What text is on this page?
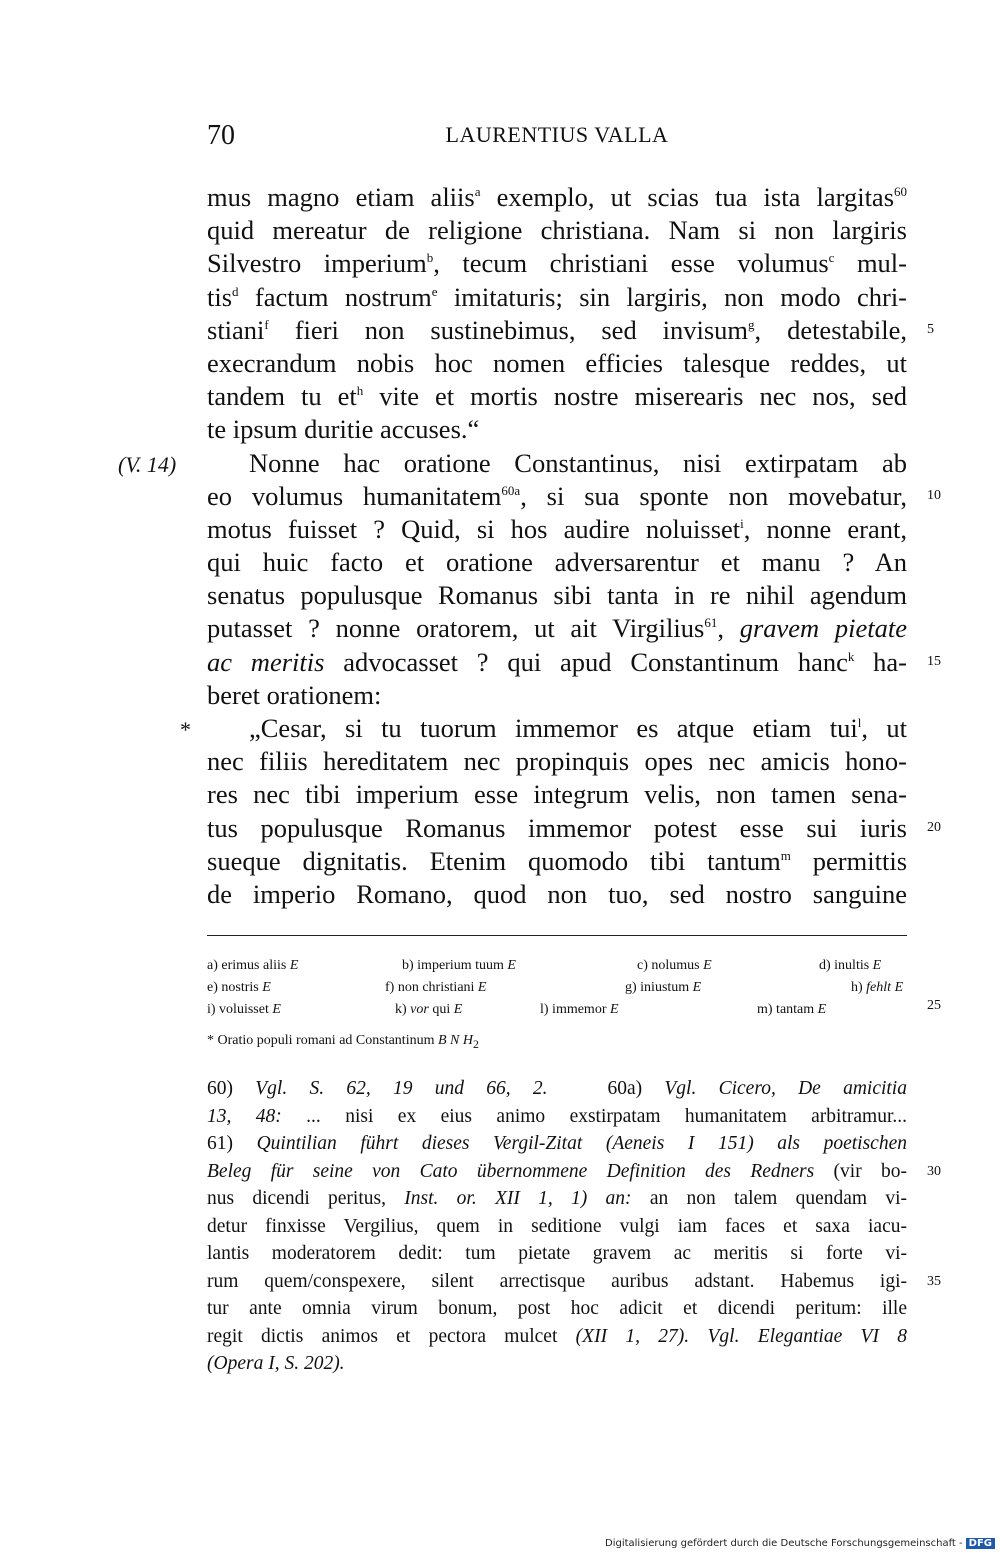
70	LAURENTIUS VALLA
(V. 14)
*
5
10
15
20
25
30
35
mus magno etiam aliis$^a$ exemplo, ut scias tua ista largitas$^{60}$
quid mereatur de religione christiana. Nam si non largiris
Silvestro imperium$^b$, tecum christiani esse volumus$^c$ mul-
tis$^d$ factum nostrum$^e$ imitaturis; sin largiris, non modo chri-
stiani$^f$ fieri non sustinebimus, sed invisum$^g$, detestabile,
execrandum nobis hoc nomen efficies talesque reddes, ut
tandem tu $et^h$ vite et mortis nostre miserearis nec nos, sed
te ipsum duritie accuses.“
Nonne hac oratione Constantinus, nisi extirpatam ab
eo volumus humanitatem$^{60a}$, si sua sponte non movebatur,
motus fuisset ? Quid, si hos audire noluisset$^i$, nonne erant,
qui huic facto et oratione adversarentur et manu ? An
senatus populusque Romanus sibi tanta in re nihil agendum
putasset ? nonne oratorem, ut ait Virgilius$^{61}$, gravem pietate
ac meritis advocasset ? qui apud Constantinum hanc$^k$ ha-
beret orationem:
„Cesar, si tu tuorum immemor es atque etiam tui$^l$, ut
nec filiis hereditatem nec propinquis opes nec amicis hono-
res nec tibi imperium esse integrum velis, non tamen sena-
tus populusque Romanus immemor potest esse sui iuris
sueque dignitatis. Etenim quomodo tibi tantum$^m$ permittis
de imperio Romano, quod non tuo, sed nostro sanguine
a) erimus aliis E	b) imperium tuum E	c) nolumus E	d) inultis E
e) nostris E	f) non christiani E	g) iniustum E	h) fehlt E
i) voluisset E	k) vor qui E	l) immemor E	m) tantam E
* Oratio populi romani ad Constantinum B N $H_2$
60) Vgl. S. 62, 19 und 66, 2.	60a) Vgl. Cicero, De amicitia
13, 48: ... nisi ex eius animo exstirpatam humanitatem arbitramur...
61) Quintilian führt dieses Vergil-Zitat (Aeneis I 151) als poetischen
Beleg für seine von Cato übernommene Definition des Redners (vir bo-
nus dicendi peritus, Inst. or. XII 1, 1) an: an non talem quendam vi-
detur finxisse Vergilius, quem in seditione vulgi iam faces et saxa iacu-
lantis moderatorem dedit: tum pietate gravem ac meritis si forte vi-
rum quem/conspexere, silent arrectisque auribus adstant. Habemus igi-
tur ante omnia virum bonum, post hoc adicit et dicendi peritum: ille
regit dictis animos et pectora mulcet (XII 1, 27). Vgl. Elegantiae VI 8
(Opera I, S. 202).
Digitalisierung gefördert durch die Deutsche Forschungsgemeinschaft - DFG
